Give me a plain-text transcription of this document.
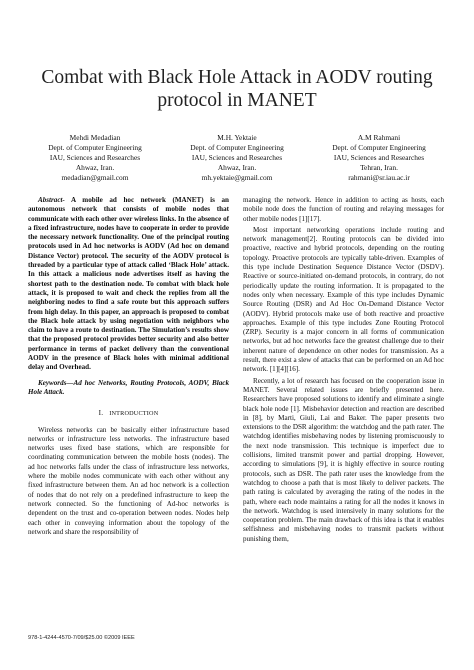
Combat with Black Hole Attack in AODV routing protocol in MANET
Mehdi Medadian
Dept. of Computer Engineering
IAU, Sciences and Researches
Ahwaz, Iran.
medadian@gmail.com
M.H. Yektaie
Dept. of Computer Engineering
IAU, Sciences and Researches
Ahwaz, Iran.
mh.yektaie@gmail.com
A.M Rahmani
Dept. of Computer Engineering
IAU, Sciences and Researches
Tehran, Iran.
rahmani@sr.iau.ac.ir

Abstract- A mobile ad hoc network (MANET) is an autonomous network that consists of mobile nodes that communicate with each other over wireless links. In the absence of a fixed infrastructure, nodes have to cooperate in order to provide the necessary network functionality. One of the principal routing protocols used in Ad hoc networks is AODV (Ad hoc on demand Distance Vector) protocol. The security of the AODV protocol is threaded by a particular type of attack called ‘Black Hole’ attack. In this attack a malicious node advertises itself as having the shortest path to the destination node. To combat with black hole attack, it is proposed to wait and check the replies from all the neighboring nodes to find a safe route but this approach suffers from high delay. In this paper, an approach is proposed to combat the Black hole attack by using negotiation with neighbors who claim to have a route to destination. The Simulation’s results show that the proposed protocol provides better security and also better performance in terms of packet delivery than the conventional AODV in the presence of Black holes with minimal additional delay and Overhead.

Keywords—Ad hoc Networks, Routing Protocols, AODV, Black Hole Attack.

I. INTRODUCTION

Wireless networks can be basically either infrastructure based networks or infrastructure less networks. The infrastructure based networks uses fixed base stations, which are responsible for coordinating communication between the mobile hosts (nodes). The ad hoc networks falls under the class of infrastructure less networks, where the mobile nodes communicate with each other without any fixed infrastructure between them. An ad hoc network is a collection of nodes that do not rely on a predefined infrastructure to keep the network connected. So the functioning of Ad-hoc networks is dependent on the trust and co-operation between nodes. Nodes help each other in conveying information about the topology of the network and share the responsibility of

managing the network. Hence in addition to acting as hosts, each mobile node does the function of routing and relaying messages for other mobile nodes [1][17].

Most important networking operations include routing and network management[2]. Routing protocols can be divided into proactive, reactive and hybrid protocols, depending on the routing topology. Proactive protocols are typically table-driven. Examples of this type include Destination Sequence Distance Vector (DSDV). Reactive or source-initiated on-demand protocols, in contrary, do not periodically update the routing information. It is propagated to the nodes only when necessary. Example of this type includes Dynamic Source Routing (DSR) and Ad Hoc On-Demand Distance Vector (AODV). Hybrid protocols make use of both reactive and proactive approaches. Example of this type includes Zone Routing Protocol (ZRP). Security is a major concern in all forms of communication networks, but ad hoc networks face the greatest challenge due to their inherent nature of dependence on other nodes for transmission. As a result, there exist a slew of attacks that can be performed on an Ad hoc network. [1][4][16].

Recently, a lot of research has focused on the cooperation issue in MANET. Several related issues are briefly presented here. Researchers have proposed solutions to identify and eliminate a single black hole node [1]. Misbehavior detection and reaction are described in [8], by Marti, Giuli, Lai and Baker. The paper presents two extensions to the DSR algorithm: the watchdog and the path rater. The watchdog identifies misbehaving nodes by listening promiscuously to the next node transmission. This technique is imperfect due to collisions, limited transmit power and partial dropping. However, according to simulations [9], it is highly effective in source routing protocols, such as DSR. The path rater uses the knowledge from the watchdog to choose a path that is most likely to deliver packets. The path rating is calculated by averaging the rating of the nodes in the path, where each node maintains a rating for all the nodes it knows in the network. Watchdog is used intensively in many solutions for the cooperation problem. The main drawback of this idea is that it enables selfishness and misbehaving nodes to transmit packets without punishing them,

978-1-4244-4570-7/09/$25.00 ©2009 IEEE
